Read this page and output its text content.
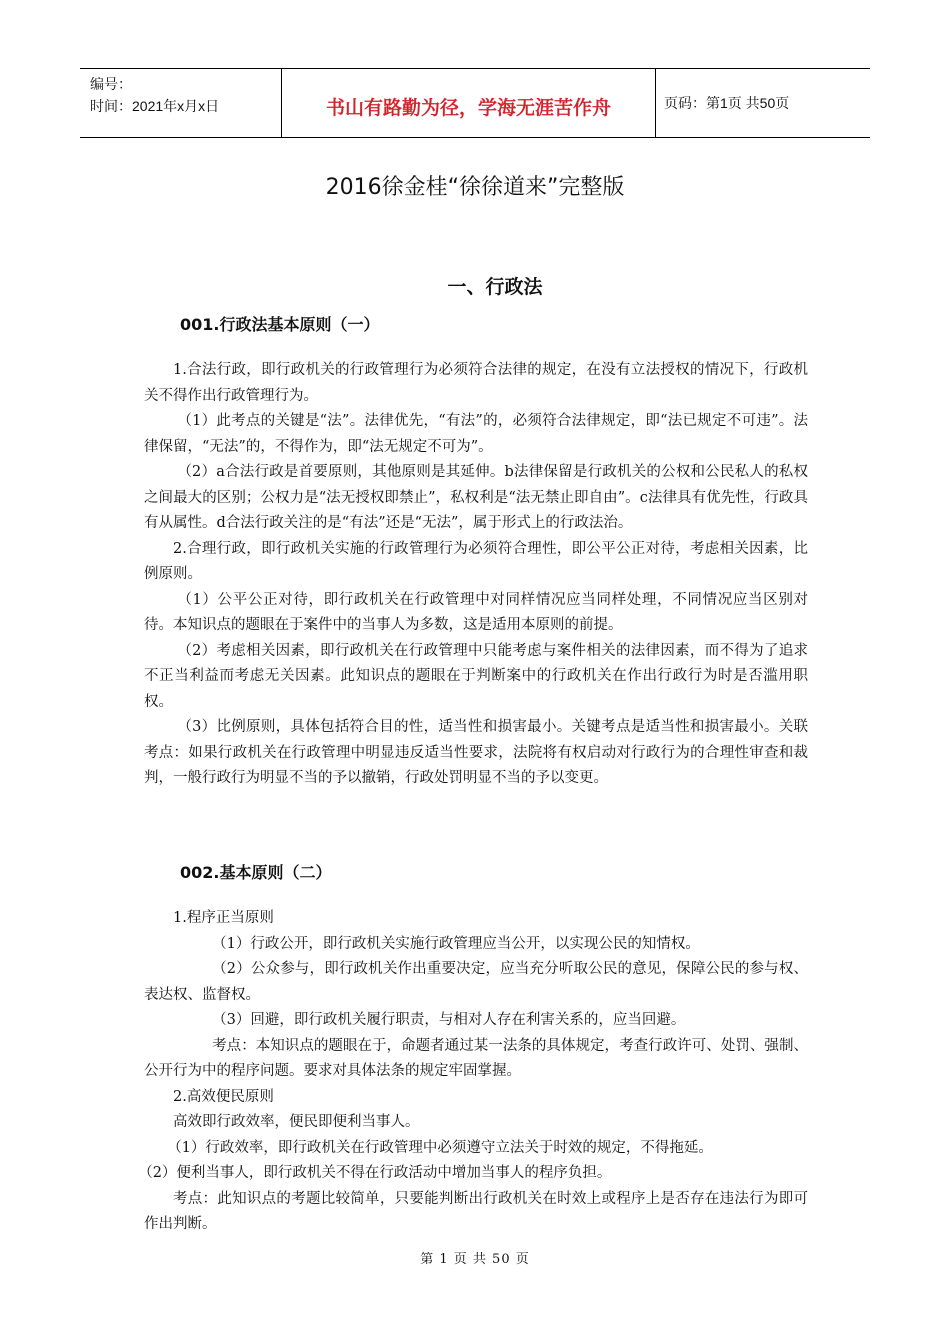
编号：
时间：2021年x月x日	书山有路勤为径，学海无涯苦作舟	页码：第1页 共50页
2016徐金桂“徐徐道来”完整版
一、行政法
001.行政法基本原则（一）

1.合法行政，即行政机关的行政管理行为必须符合法律的规定，在没有立法授权的情况下，行政机关不得作出行政管理行为。

（1）此考点的关键是“法”。法律优先，“有法”的，必须符合法律规定，即“法已规定不可违”。法律保留，“无法”的，不得作为，即“法无规定不可为”。

（2）a合法行政是首要原则，其他原则是其延伸。b法律保留是行政机关的公权和公民私人的私权之间最大的区别；公权力是“法无授权即禁止”，私权利是“法无禁止即自由”。c法律具有优先性，行政具有从属性。d合法行政关注的是“有法”还是“无法”，属于形式上的行政法治。

2.合理行政，即行政机关实施的行政管理行为必须符合理性，即公平公正对待，考虑相关因素，比例原则。

（1）公平公正对待，即行政机关在行政管理中对同样情况应当同样处理，不同情况应当区别对待。本知识点的题眼在于案件中的当事人为多数，这是适用本原则的前提。

（2）考虑相关因素，即行政机关在行政管理中只能考虑与案件相关的法律因素，而不得为了追求不正当利益而考虑无关因素。此知识点的题眼在于判断案中的行政机关在作出行政行为时是否滥用职权。

（3）比例原则，具体包括符合目的性，适当性和损害最小。关键考点是适当性和损害最小。关联考点：如果行政机关在行政管理中明显违反适当性要求，法院将有权启动对行政行为的合理性审查和裁判，一般行政行为明显不当的予以撤销，行政处罚明显不当的予以变更。

002.基本原则（二）

1.程序正当原则

（1）行政公开，即行政机关实施行政管理应当公开，以实现公民的知情权。

（2）公众参与，即行政机关作出重要决定，应当充分听取公民的意见，保障公民的参与权、表达权、监督权。

（3）回避，即行政机关履行职责，与相对人存在利害关系的，应当回避。

考点：本知识点的题眼在于，命题者通过某一法条的具体规定，考查行政许可、处罚、强制、公开行为中的程序问题。要求对具体法条的规定牢固掌握。

2.高效便民原则

高效即行政效率，便民即便利当事人。

（1）行政效率，即行政机关在行政管理中必须遵守立法关于时效的规定，不得拖延。

（2）便利当事人，即行政机关不得在行政活动中增加当事人的程序负担。

考点：此知识点的考题比较简单，只要能判断出行政机关在时效上或程序上是否存在违法行为即可作出判断。

第 1 页 共 50 页
